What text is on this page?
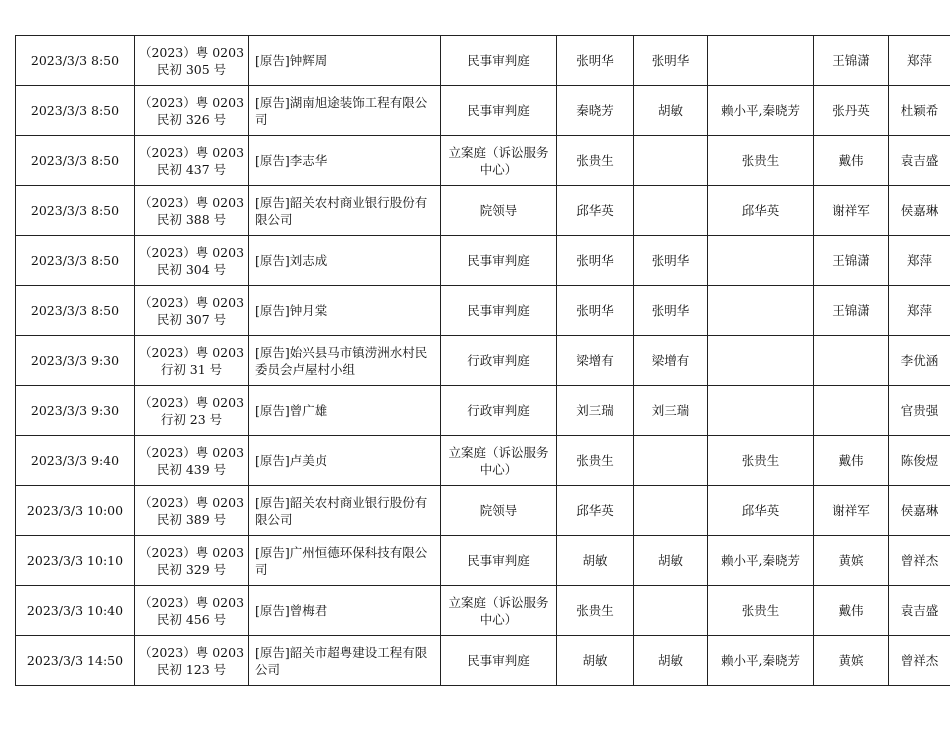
2023/3/3 8:50	（2023）粤 0203 民初 305 号	[原告]钟辉周	民事审判庭	张明华	张明华		王锦潇	郑萍
2023/3/3 8:50	（2023）粤 0203 民初 326 号	[原告]湖南旭途装饰工程有限公司	民事审判庭	秦晓芳	胡敏	赖小平,秦晓芳	张丹英	杜颖希
2023/3/3 8:50	（2023）粤 0203 民初 437 号	[原告]李志华	立案庭（诉讼服务中心）	张贵生		张贵生	戴伟	袁吉盛
2023/3/3 8:50	（2023）粤 0203 民初 388 号	[原告]韶关农村商业银行股份有限公司	院领导	邱华英		邱华英	谢祥军	侯嘉琳
2023/3/3 8:50	（2023）粤 0203 民初 304 号	[原告]刘志成	民事审判庭	张明华	张明华		王锦潇	郑萍
2023/3/3 8:50	（2023）粤 0203 民初 307 号	[原告]钟月棠	民事审判庭	张明华	张明华		王锦潇	郑萍
2023/3/3 9:30	（2023）粤 0203 行初 31 号	[原告]始兴县马市镇涝洲水村民委员会卢屋村小组	行政审判庭	梁增有	梁增有			李优涵
2023/3/3 9:30	（2023）粤 0203 行初 23 号	[原告]曾广雄	行政审判庭	刘三瑞	刘三瑞			官贵强
2023/3/3 9:40	（2023）粤 0203 民初 439 号	[原告]卢美贞	立案庭（诉讼服务中心）	张贵生		张贵生	戴伟	陈俊煜
2023/3/3 10:00	（2023）粤 0203 民初 389 号	[原告]韶关农村商业银行股份有限公司	院领导	邱华英		邱华英	谢祥军	侯嘉琳
2023/3/3 10:10	（2023）粤 0203 民初 329 号	[原告]广州恒德环保科技有限公司	民事审判庭	胡敏	胡敏	赖小平,秦晓芳	黄嫔	曾祥杰
2023/3/3 10:40	（2023）粤 0203 民初 456 号	[原告]曾梅君	立案庭（诉讼服务中心）	张贵生		张贵生	戴伟	袁吉盛
2023/3/3 14:50	（2023）粤 0203 民初 123 号	[原告]韶关市超粤建设工程有限公司	民事审判庭	胡敏	胡敏	赖小平,秦晓芳	黄嫔	曾祥杰
